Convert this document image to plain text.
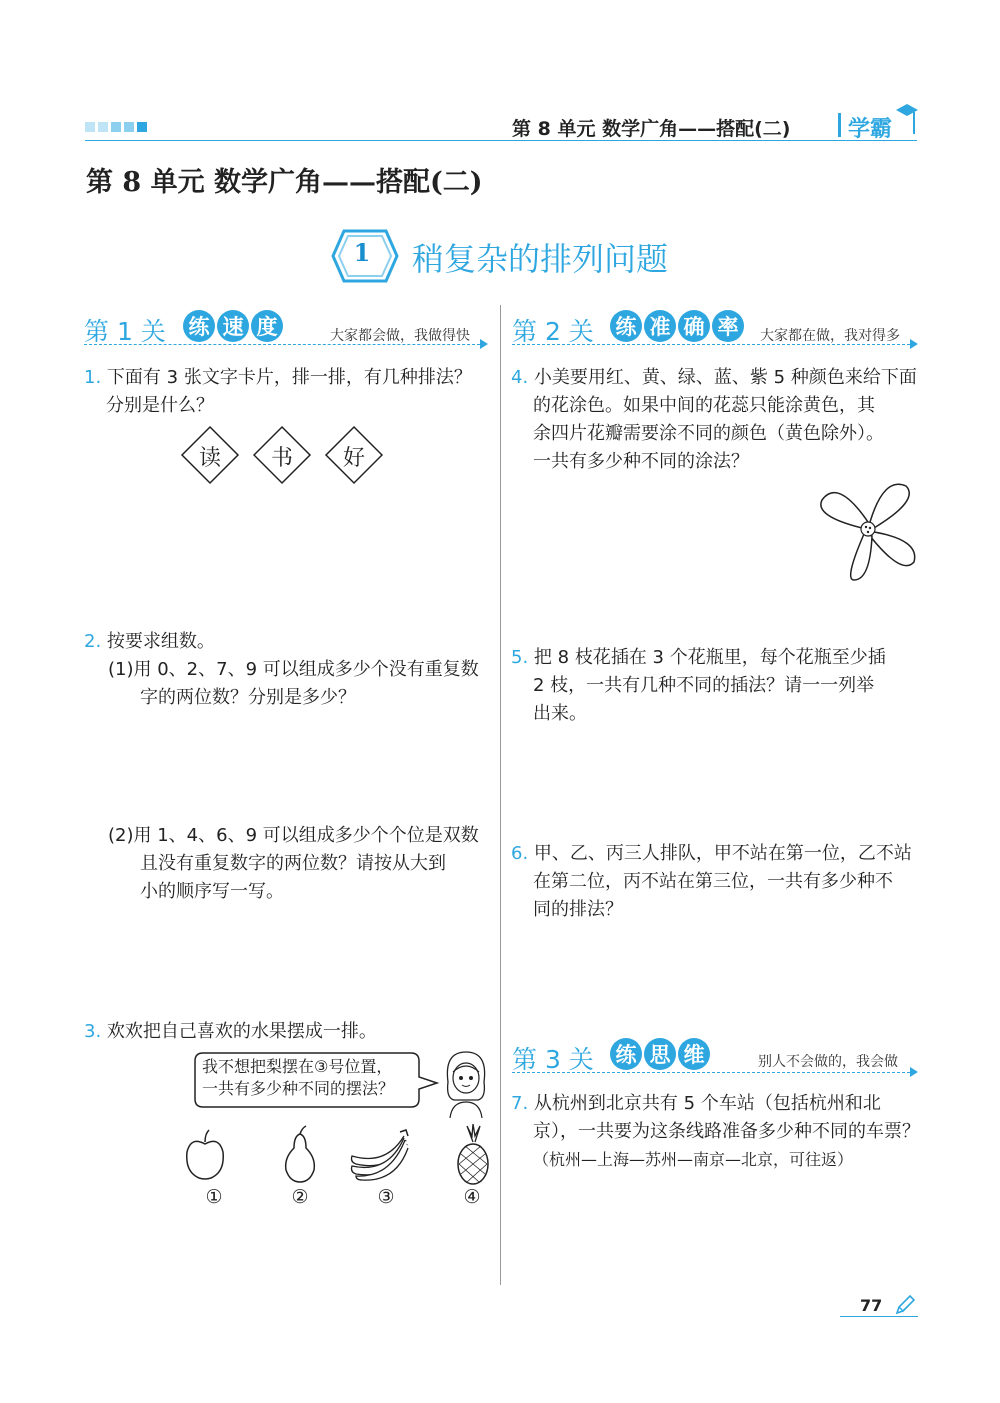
第 8 单元 数学广角——搭配(二)	学霸
第 8 单元 数学广角——搭配(二)
1 稍复杂的排列问题
第 1 关 练 速 度	大家都会做，我做得快 第 2 关 练 准 确 率	大家都在做，我对得多
1. 下面有 3 张文字卡片，排一排，有几种排法？
分别是什么？
读	书	好
2. 按要求组数。
(1)用 0、2、7、9 可以组成多少个没有重复数
字的两位数？分别是多少？
(2)用 1、4、6、9 可以组成多少个个位是双数
且没有重复数字的两位数？请按从大到
小的顺序写一写。
3. 欢欢把自己喜欢的水果摆成一排。
我不想把梨摆在③号位置，
一共有多少种不同的摆法？
①	②	③	④
4. 小美要用红、黄、绿、蓝、紫 5 种颜色来给下面
的花涂色。如果中间的花蕊只能涂黄色，其
余四片花瓣需要涂不同的颜色（黄色除外）。
一共有多少种不同的涂法？
5. 把 8 枝花插在 3 个花瓶里，每个花瓶至少插
2 枝，一共有几种不同的插法？请一一列举
出来。
6. 甲、乙、丙三人排队，甲不站在第一位，乙不站
在第二位，丙不站在第三位，一共有多少种不
同的排法？
第 3 关 练 思 维	别人不会做的，我会做
7. 从杭州到北京共有 5 个车站（包括杭州和北
京），一共要为这条线路准备多少种不同的车票？
（杭州—上海—苏州—南京—北京，可往返）
77
